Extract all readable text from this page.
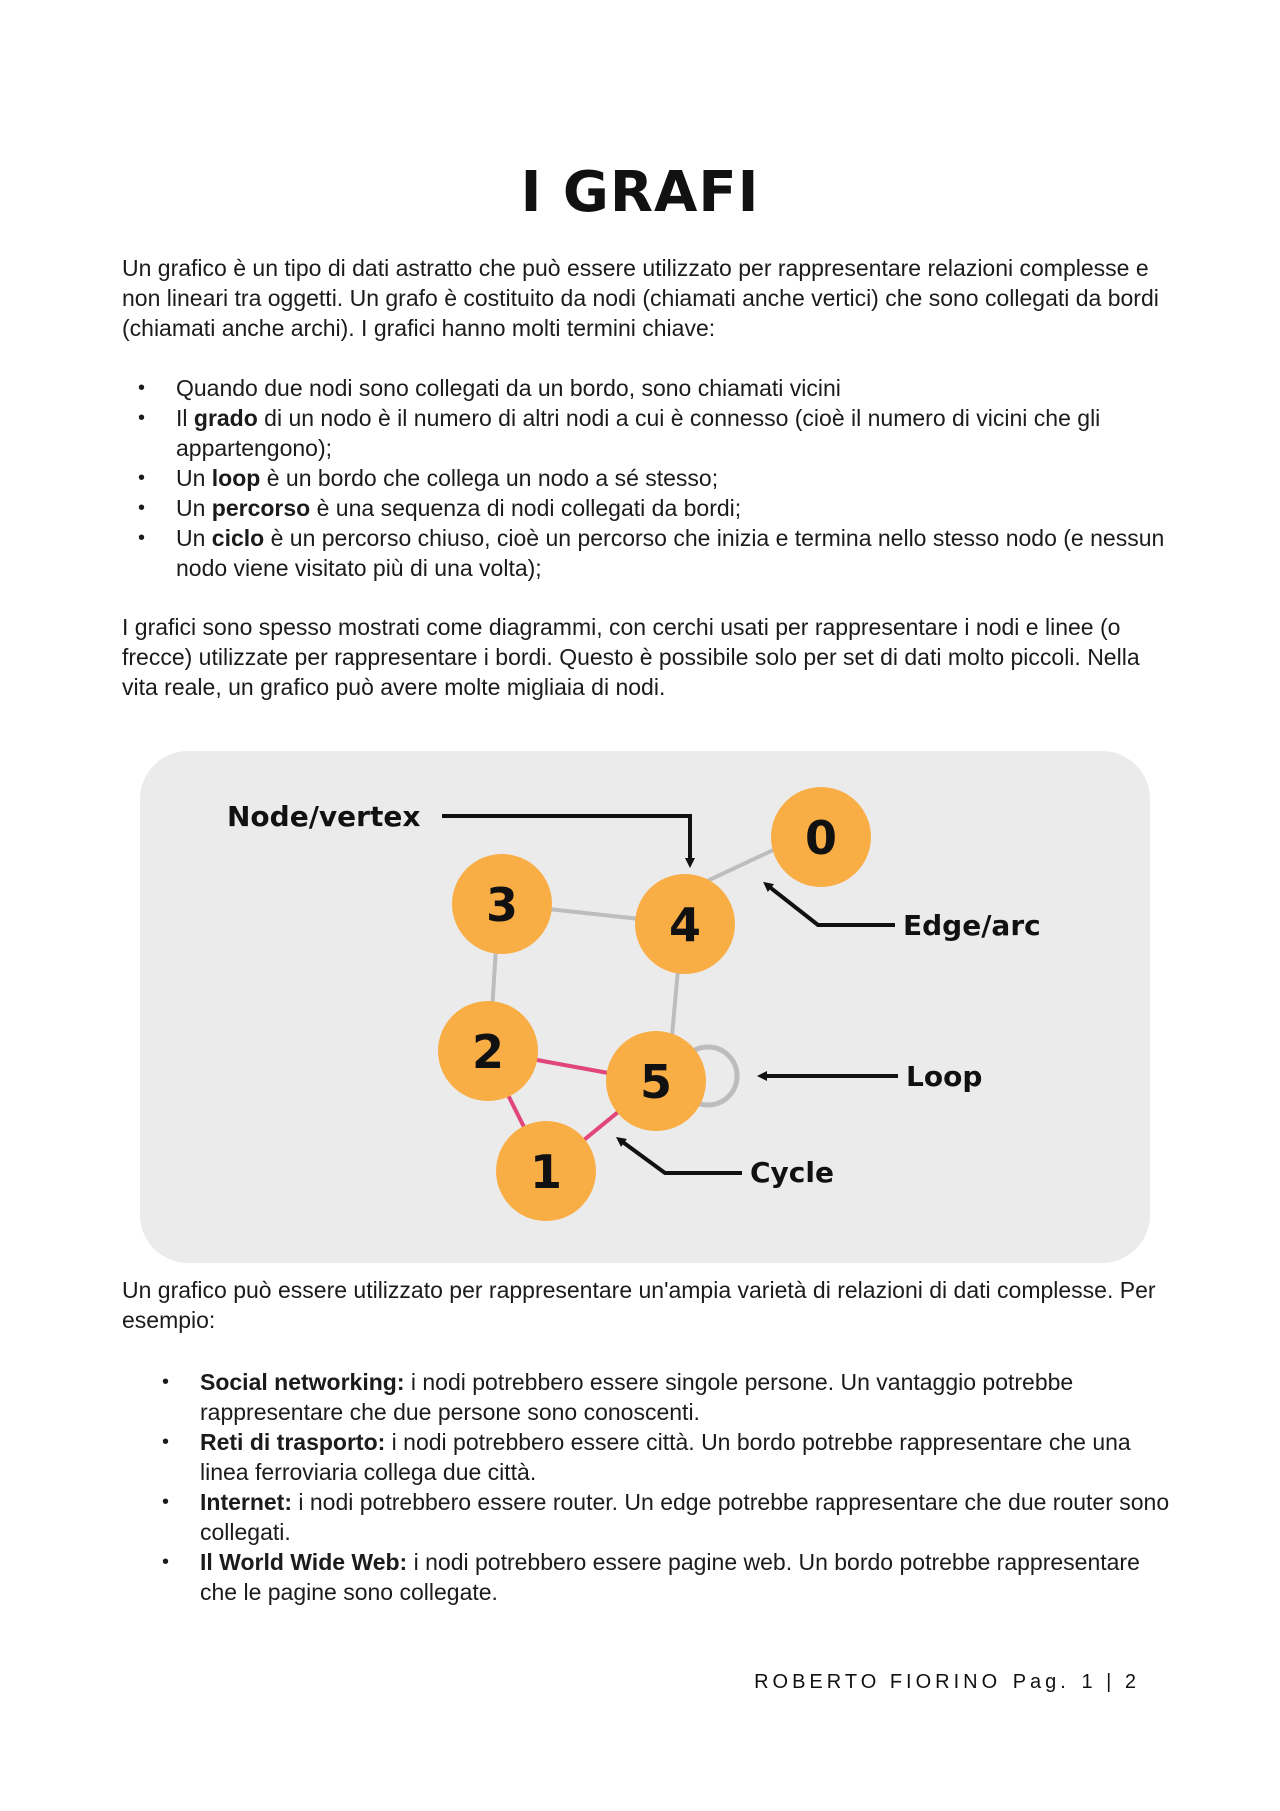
I GRAFI

Un grafico è un tipo di dati astratto che può essere utilizzato per rappresentare relazioni complesse e non lineari tra oggetti. Un grafo è costituito da nodi (chiamati anche vertici) che sono collegati da bordi (chiamati anche archi). I grafici hanno molti termini chiave:

• Quando due nodi sono collegati da un bordo, sono chiamati vicini
• Il grado di un nodo è il numero di altri nodi a cui è connesso (cioè il numero di vicini che gli appartengono);
• Un loop è un bordo che collega un nodo a sé stesso;
• Un percorso è una sequenza di nodi collegati da bordi;
• Un ciclo è un percorso chiuso, cioè un percorso che inizia e termina nello stesso nodo (e nessun nodo viene visitato più di una volta);

I grafici sono spesso mostrati come diagrammi, con cerchi usati per rappresentare i nodi e linee (o frecce) utilizzate per rappresentare i bordi. Questo è possibile solo per set di dati molto piccoli. Nella vita reale, un grafico può avere molte migliaia di nodi.

0
3	4
2
5
1
Node/vertex
Edge/arc
Loop
Cycle

Un grafico può essere utilizzato per rappresentare un'ampia varietà di relazioni di dati complesse. Per esempio:

• Social networking: i nodi potrebbero essere singole persone. Un vantaggio potrebbe rappresentare che due persone sono conoscenti.
• Reti di trasporto: i nodi potrebbero essere città. Un bordo potrebbe rappresentare che una linea ferroviaria collega due città.
• Internet: i nodi potrebbero essere router. Un edge potrebbe rappresentare che due router sono collegati.
• Il World Wide Web: i nodi potrebbero essere pagine web. Un bordo potrebbe rappresentare che le pagine sono collegate.
ROBERTO FIORINO Pag. 1 | 2
